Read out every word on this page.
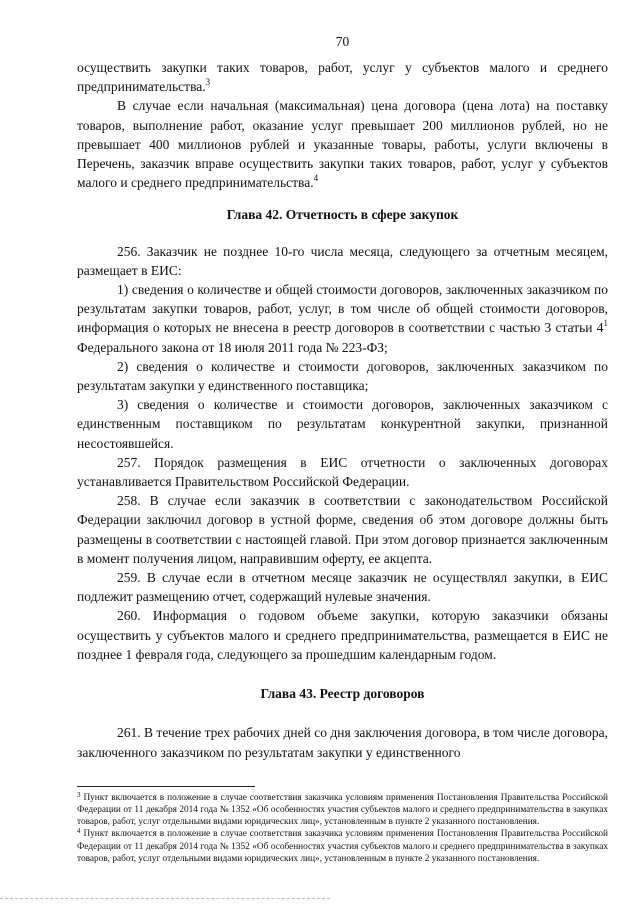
70

осуществить закупки таких товаров, работ, услуг у субъектов малого и среднего предпринимательства.$^3$

В случае если начальная (максимальная) цена договора (цена лота) на поставку товаров, выполнение работ, оказание услуг превышает 200 миллионов рублей, но не превышает 400 миллионов рублей и указанные товары, работы, услуги включены в Перечень, заказчик вправе осуществить закупки таких товаров, работ, услуг у субъектов малого и среднего предпринимательства.$^4$

Глава 42. Отчетность в сфере закупок

256. Заказчик не позднее 10-го числа месяца, следующего за отчетным месяцем, размещает в ЕИС:

1) сведения о количестве и общей стоимости договоров, заключенных заказчиком по результатам закупки товаров, работ, услуг, в том числе об общей стоимости договоров, информация о которых не внесена в реестр договоров в соответствии с частью 3 статьи $4^1$ Федерального закона от 18 июля 2011 года № 223-ФЗ;

2) сведения о количестве и стоимости договоров, заключенных заказчиком по результатам закупки у единственного поставщика;

3) сведения о количестве и стоимости договоров, заключенных заказчиком с единственным поставщиком по результатам конкурентной закупки, признанной несостоявшейся.

257. Порядок размещения в ЕИС отчетности о заключенных договорах устанавливается Правительством Российской Федерации.

258. В случае если заказчик в соответствии с законодательством Российской Федерации заключил договор в устной форме, сведения об этом договоре должны быть размещены в соответствии с настоящей главой. При этом договор признается заключенным в момент получения лицом, направившим оферту, ее акцепта.

259. В случае если в отчетном месяце заказчик не осуществлял закупки, в ЕИС подлежит размещению отчет, содержащий нулевые значения.

260. Информация о годовом объеме закупки, которую заказчики обязаны осуществить у субъектов малого и среднего предпринимательства, размещается в ЕИС не позднее 1 февраля года, следующего за прошедшим календарным годом.

Глава 43. Реестр договоров

261. В течение трех рабочих дней со дня заключения договора, в том числе договора, заключенного заказчиком по результатам закупки у единственного

$^3$ Пункт включается в положение в случае соответствия заказчика условиям применения Постановления Правительства Российской Федерации от 11 декабря 2014 года № 1352 «Об особенностях участия субъектов малого и среднего предпринимательства в закупках товаров, работ, услуг отдельными видами юридических лиц», установленным в пункте 2 указанного постановления.

$^4$ Пункт включается в положение в случае соответствия заказчика условиям применения Постановления Правительства Российской Федерации от 11 декабря 2014 года № 1352 «Об особенностях участия субъектов малого и среднего предпринимательства в закупках товаров, работ, услуг отдельными видами юридических лиц», установленным в пункте 2 указанного постановления.
